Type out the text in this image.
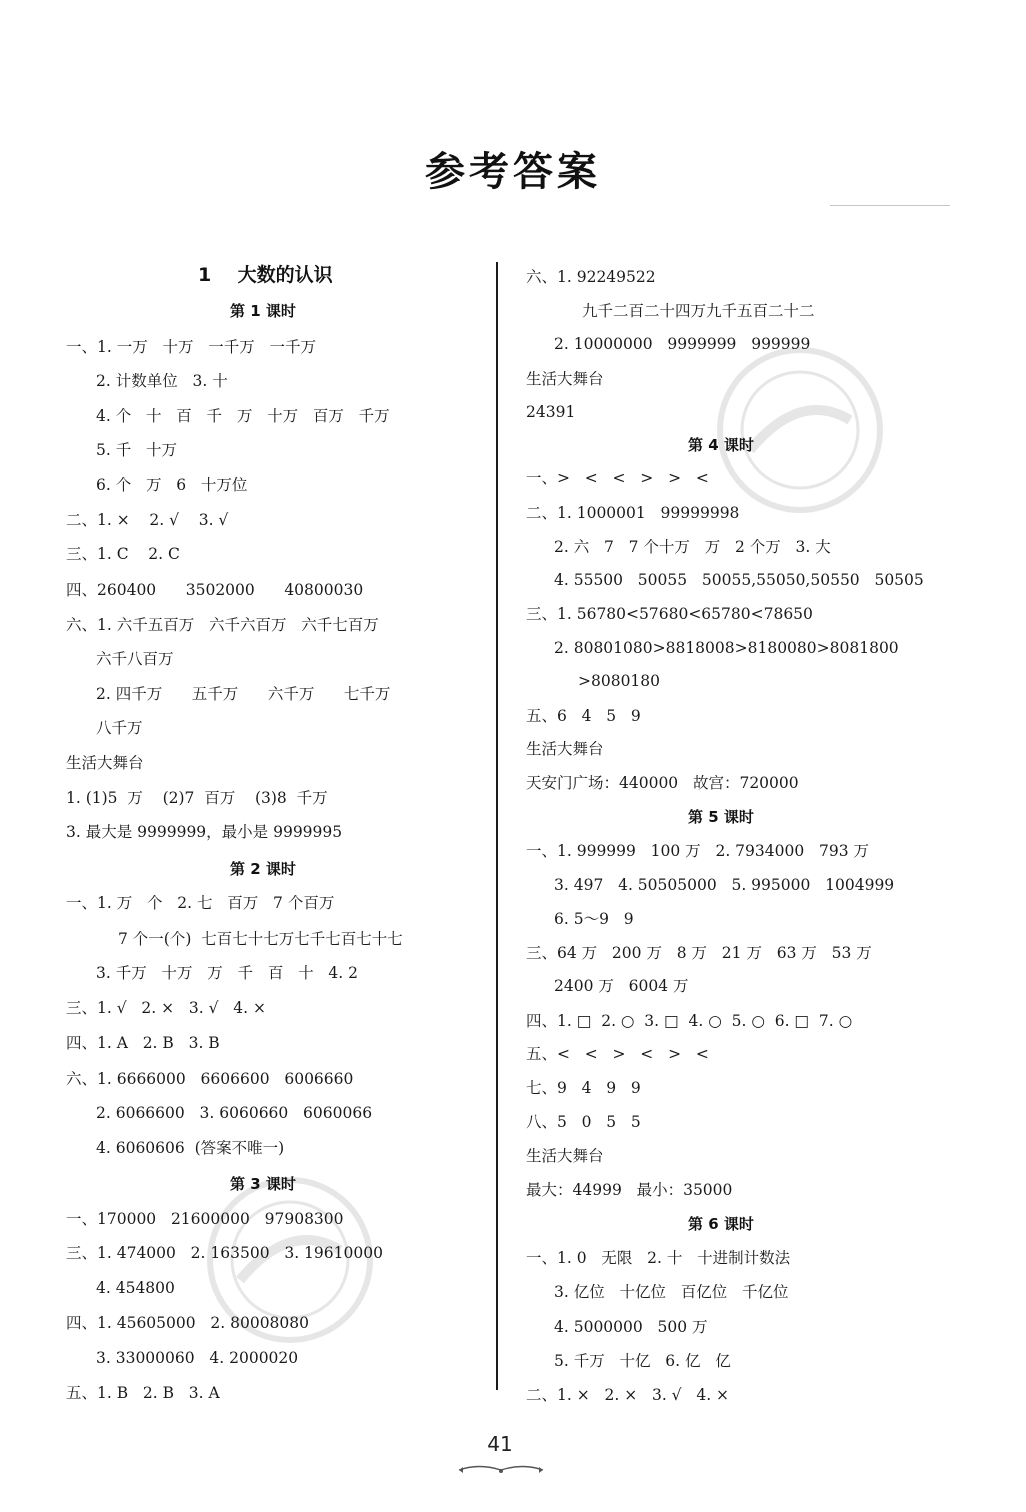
参考答案
1    大数的认识
第 1 课时
一、1. 一万   十万   一千万   一千万
2. 计数单位   3. 十
4. 个   十   百   千   万   十万   百万   千万
5. 千   十万
6. 个   万   6   十万位
二、1. ×    2. √    3. √
三、1. C    2. C
四、260400      3502000      40800030
六、1. 六千五百万   六千六百万   六千七百万
六千八百万
2. 四千万      五千万      六千万      七千万
八千万
生活大舞台
1. (1)5  万    (2)7  百万    (3)8  千万
3. 最大是 9999999，最小是 9999995
第 2 课时
一、1. 万   个   2. 七   百万   7 个百万
7 个一(个)  七百七十七万七千七百七十七
3. 千万   十万   万   千   百   十   4. 2
三、1. √   2. ×   3. √   4. ×
四、1. A   2. B   3. B
六、1. 6666000   6606600   6006660
2. 6066600   3. 6060660   6060066
4. 6060606  (答案不唯一)
第 3 课时
一、170000   21600000   97908300
三、1. 474000   2. 163500   3. 19610000
4. 454800
四、1. 45605000   2. 80008080
3. 33000060   4. 2000020
五、1. B   2. B   3. A
六、1. 92249522
九千二百二十四万九千五百二十二
2. 10000000   9999999   999999
生活大舞台
24391
第 4 课时
一、>   <   <   >   >   <
二、1. 1000001   99999998
2. 六   7   7 个十万   万   2 个万   3. 大
4. 55500   50055   50055,55050,50550   50505
三、1. 56780<57680<65780<78650
2. 80801080>8818008>8180080>8081800
>8080180
五、6   4   5   9
生活大舞台
天安门广场：440000   故宫：720000
第 5 课时
一、1. 999999   100 万   2. 7934000   793 万
3. 497   4. 50505000   5. 995000   1004999
6. 5～9   9
三、64 万   200 万   8 万   21 万   63 万   53 万
2400 万   6004 万
四、1. □  2. ○  3. □  4. ○  5. ○  6. □  7. ○
五、<   <   >   <   >   <
七、9   4   9   9
八、5   0   5   5
生活大舞台
最大：44999   最小：35000
第 6 课时
一、1. 0   无限   2. 十   十进制计数法
3. 亿位   十亿位   百亿位   千亿位
4. 5000000   500 万
5. 千万   十亿   6. 亿   亿
二、1. ×   2. ×   3. √   4. ×
41
